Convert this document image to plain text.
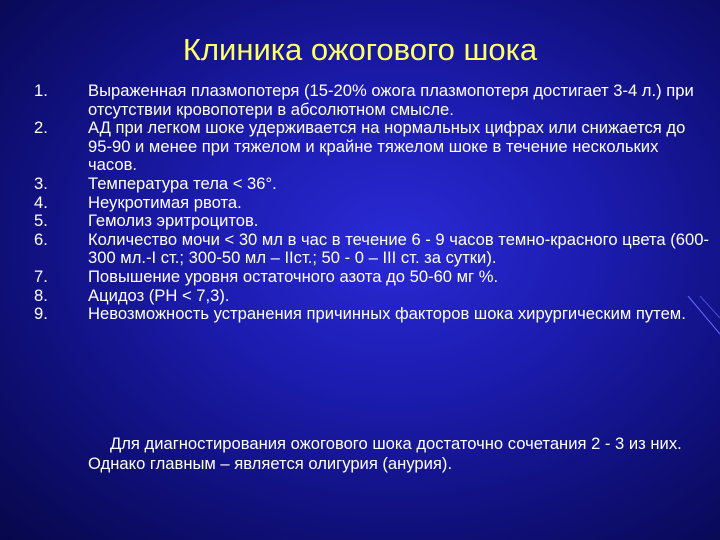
Клиника ожогового шока
1.	Выраженная плазмопотеря (15-20% ожога плазмопотеря достигает 3-4 л.) при отсутствии кровопотери в абсолютном смысле.
2.	АД при легком шоке удерживается на нормальных цифрах или снижается до 95-90 и менее при тяжелом и крайне тяжелом шоке в течение нескольких часов.
3.	Температура тела < 36°.
4.	Неукротимая рвота.
5.	Гемолиз эритроцитов.
6.	Количество мочи < 30 мл в час в течение 6 - 9 часов темно-красного цвета (600-300 мл.-I ст.; 300-50 мл – IIст.; 50 - 0 – III ст. за сутки).
7.	Повышение уровня остаточного азота до 50-60 мг %.
8.	Ацидоз (РН < 7,3).
9.	Невозможность устранения причинных факторов шока хирургическим путем.
Для диагностирования ожогового шока достаточно сочетания 2 - 3 из них. Однако главным – является олигурия (анурия).
